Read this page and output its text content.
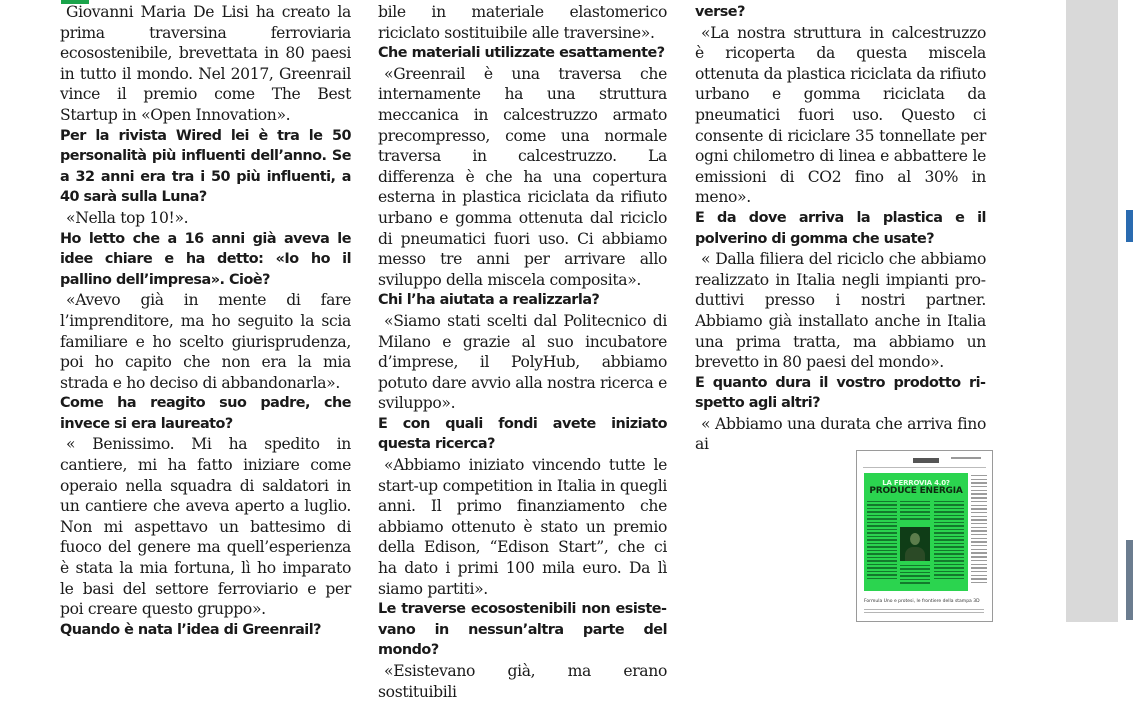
Giovanni Maria De Lisi ha creato la prima traversina ferroviaria ecosostenibile, brevettata in 80 paesi in tutto il mondo. Nel 2017, Greenrail vince il premio come The Best Startup in «Open Innovation».

Per la rivista Wired lei è tra le 50 personalità più influenti dell’anno. Se a 32 anni era tra i 50 più influenti, a 40 sarà sulla Luna?

«Nella top 10!».

Ho letto che a 16 anni già aveva le idee chiare e ha detto: «Io ho il pallino dell’impresa». Cioè?

«Avevo già in mente di fare l’imprenditore, ma ho seguito la scia familiare e ho scelto giurisprudenza, poi ho capito che non era la mia strada e ho deciso di abbandonarla».

Come ha reagito suo padre, che invece si era laureato?

« Benissimo. Mi ha spedito in cantiere, mi ha fatto iniziare come operaio nella squadra di saldatori in un cantiere che aveva aperto a luglio. Non mi aspettavo un battesimo di fuoco del genere ma quell’esperienza è stata la mia fortuna, lì ho imparato le basi del settore ferroviario e per poi creare questo gruppo».

Quando è nata l’idea di Greenrail?

bile in materiale elastomerico riciclato sostituibile alle traversine».

Che materiali utilizzate esattamente?

«Greenrail è una traversa che internamente ha una struttura meccanica in calcestruzzo armato precompresso, come una normale traversa in calcestruzzo. La differenza è che ha una copertura esterna in plastica riciclata da rifiuto urbano e gomma ottenuta dal riciclo di pneumatici fuori uso. Ci abbiamo messo tre anni per arrivare allo sviluppo della miscela composita».

Chi l’ha aiutata a realizzarla?

«Siamo stati scelti dal Politecnico di Milano e grazie al suo incubatore d’imprese, il PolyHub, abbiamo potuto dare avvio alla nostra ricerca e sviluppo».

E con quali fondi avete iniziato questa ricerca?

«Abbiamo iniziato vincendo tutte le start-up competition in Italia in quegli anni. Il primo finanziamento che abbiamo ottenuto è stato un premio della Edison, “Edison Start”, che ci ha dato i primi 100 mila euro. Da lì siamo partiti».

Le traverse ecosostenibili non esistevano in nessun’altra parte del mondo?

«Esistevano già, ma erano sostituibili

verse?

«La nostra struttura in calcestruzzo è ricoperta da questa miscela ottenuta da plastica riciclata da rifiuto urbano e gomma riciclata da pneumatici fuori uso. Questo ci consente di riciclare 35 tonnellate per ogni chilometro di linea e abbattere le emissioni di CO2 fino al 30% in meno».

E da dove arriva la plastica e il polverino di gomma che usate?

« Dalla filiera del riciclo che abbiamo realizzato in Italia negli impianti produttivi presso i nostri partner. Abbiamo già installato anche in Italia una prima tratta, ma abbiamo un brevetto in 80 paesi del mondo».

E quanto dura il vostro prodotto rispetto agli altri?

« Abbiamo una durata che arriva fino ai

LA FERROVIA 4.0?
PRODUCE ENERGIA
Formula Uno e protesi, le frontiere della stampa 3D
